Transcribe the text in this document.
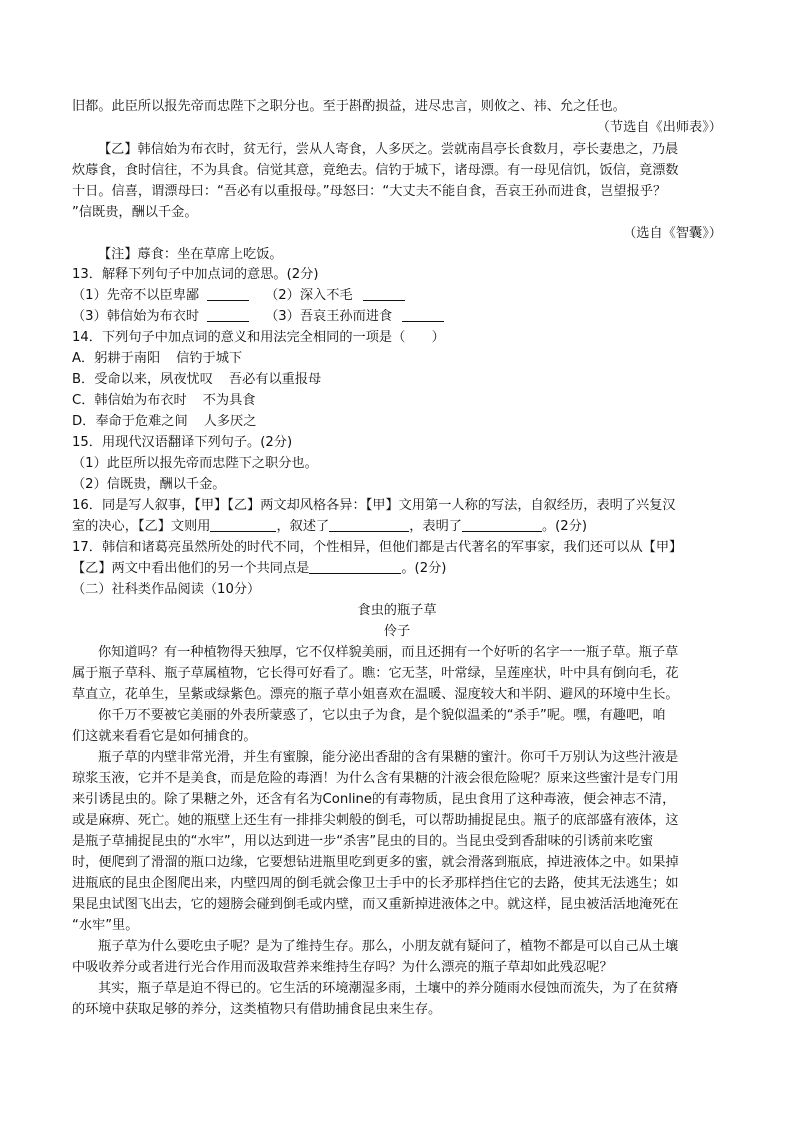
旧都。此臣所以报先帝而忠陛下之职分也。至于斟酌损益，进尽忠言，则攸之、祎、允之任也。
（节选自《出师表》）
【乙】韩信始为布衣时，贫无行，尝从人寄食，人多厌之。尝就南昌亭长食数月，亭长妻患之，乃晨
炊蓐食，食时信往，不为具食。信觉其意，竟绝去。信钓于城下，诸母漂。有一母见信饥，饭信，竟漂数
十日。信喜，谓漂母曰：“吾必有以重报母。”母怒曰：“大丈夫不能自食，吾哀王孙而进食，岂望报乎？
”信既贵，酬以千金。
（选自《智囊》）
【注】蓐食：坐在草席上吃饭。
13．解释下列句子中加点词的意思。(2分)
（1）先帝不以臣卑鄙	（2）深入不毛
（3）韩信始为布衣时	（3）吾哀王孙而进食
14．下列句子中加点词的意义和用法完全相同的一项是（　　）
A．躬耕于南阳 信钓于城下
B．受命以来，夙夜忧叹 吾必有以重报母
C．韩信始为布衣时 不为具食
D．奉命于危难之间 人多厌之
15．用现代汉语翻译下列句子。(2分)
（1）此臣所以报先帝而忠陛下之职分也。
（2）信既贵，酬以千金。
16．同是写人叙事，【甲】【乙】两文却风格各异：【甲】文用第一人称的写法，自叙经历，表明了兴复汉
室的决心，【乙】文则用	，叙述了	，表明了	。(2分)
17．韩信和诸葛亮虽然所处的时代不同，个性相异，但他们都是古代著名的军事家，我们还可以从【甲】
【乙】两文中看出他们的另一个共同点是	。(2分)
（二）社科类作品阅读（10分）
食虫的瓶子草
伶子
你知道吗？有一种植物得天独厚，它不仅样貌美丽，而且还拥有一个好听的名字一一瓶子草。瓶子草
属于瓶子草科、瓶子草属植物，它长得可好看了。瞧：它无茎，叶常绿，呈莲座状，叶中具有倒向毛，花
草直立，花单生，呈紫或绿紫色。漂亮的瓶子草小姐喜欢在温暖、湿度较大和半阴、避风的环境中生长。
你千万不要被它美丽的外表所蒙惑了，它以虫子为食，是个貌似温柔的“杀手”呢。嘿，有趣吧，咱
们这就来看看它是如何捕食的。
瓶子草的内壁非常光滑，并生有蜜腺，能分泌出香甜的含有果糖的蜜汁。你可千万别认为这些汁液是
琼浆玉液，它并不是美食，而是危险的毒酒！为什么含有果糖的汁液会很危险呢？原来这些蜜汁是专门用
来引诱昆虫的。除了果糖之外，还含有名为Conline的有毒物质，昆虫食用了这种毒液，便会神志不清，
或是麻痹、死亡。她的瓶壁上还生有一排排尖刺般的倒毛，可以帮助捕捉昆虫。瓶子的底部盛有液体，这
是瓶子草捕捉昆虫的“水牢”，用以达到进一步“杀害”昆虫的目的。当昆虫受到香甜味的引诱前来吃蜜
时，便爬到了滑溜的瓶口边缘，它要想钻进瓶里吃到更多的蜜，就会滑落到瓶底，掉进液体之中。如果掉
进瓶底的昆虫企图爬出来，内壁四周的倒毛就会像卫士手中的长矛那样挡住它的去路，使其无法逃生；如
果昆虫试图飞出去，它的翅膀会碰到倒毛或内壁，而又重新掉进液体之中。就这样，昆虫被活活地淹死在
“水牢”里。
瓶子草为什么要吃虫子呢？是为了维持生存。那么，小朋友就有疑问了，植物不都是可以自己从土壤
中吸收养分或者进行光合作用而汲取营养来维持生存吗？为什么漂亮的瓶子草却如此残忍呢？
其实，瓶子草是迫不得已的。它生活的环境潮湿多雨，土壤中的养分随雨水侵蚀而流失，为了在贫瘠
的环境中获取足够的养分，这类植物只有借助捕食昆虫来生存。
